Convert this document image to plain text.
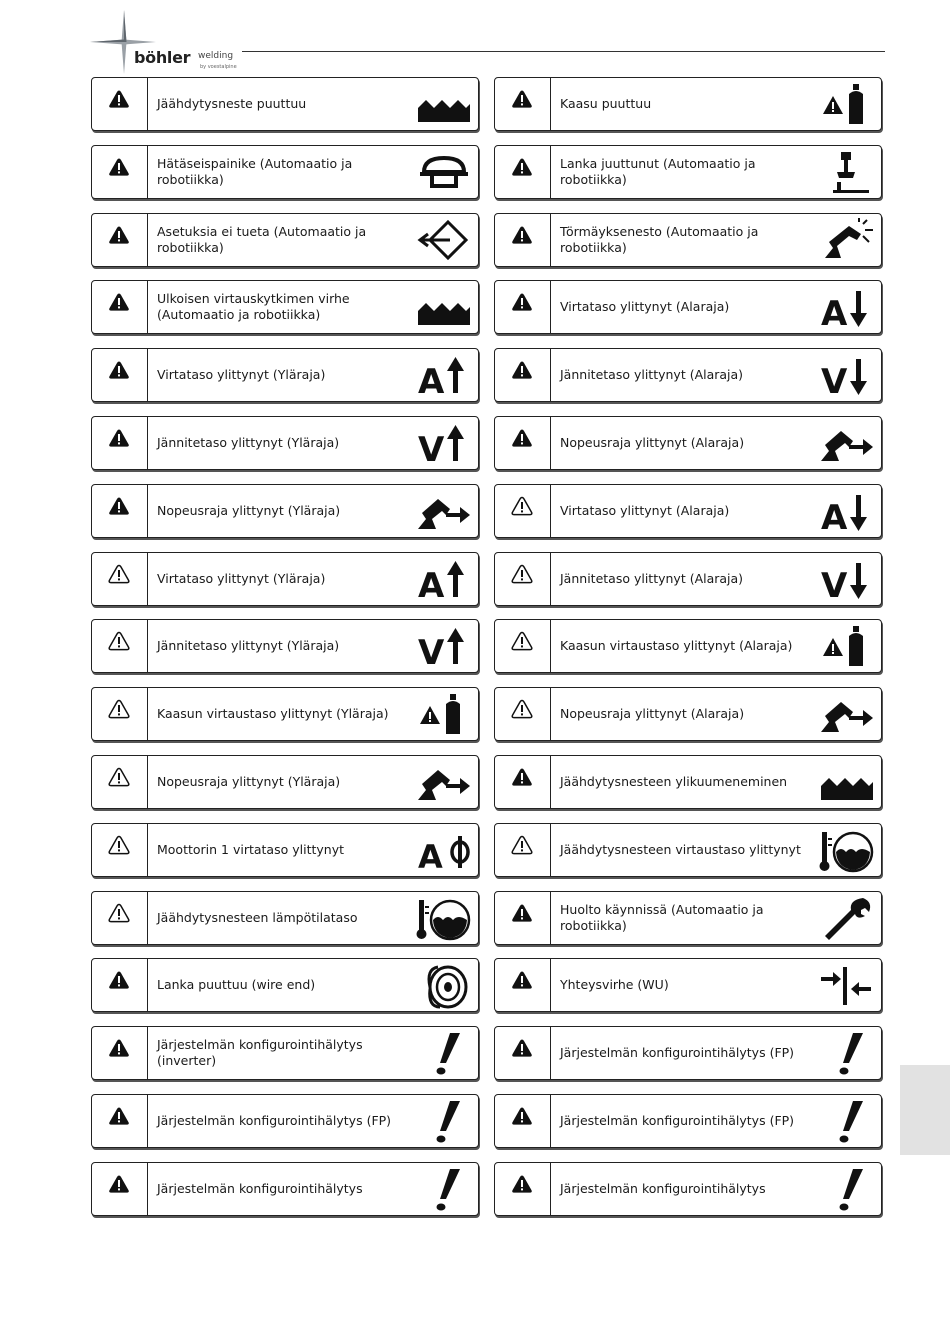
böhler welding
by voestalpine
Jäähdytysneste puuttuu	Kaasu puuttuu
Hätäseispainike (Automaatio ja robotiikka)
Lanka juuttunut (Automaatio ja robotiikka)
Asetuksia ei tueta (Automaatio ja robotiikka)
Törmäyksenesto (Automaatio ja robotiikka)
Ulkoisen virtauskytkimen virhe (Automaatio ja robotiikka)
Virtataso ylittynyt (Alaraja)	A
Virtataso ylittynyt (Yläraja)	A	Jännitetaso ylittynyt (Alaraja)	V
Jännitetaso ylittynyt (Yläraja)	V	Nopeusraja ylittynyt (Alaraja)
Nopeusraja ylittynyt (Yläraja)	Virtataso ylittynyt (Alaraja)	A
Virtataso ylittynyt (Yläraja)	A	Jännitetaso ylittynyt (Alaraja)	V
Jännitetaso ylittynyt (Yläraja)	V	Kaasun virtaustaso ylittynyt (Alaraja)
Kaasun virtaustaso ylittynyt (Yläraja)	Nopeusraja ylittynyt (Alaraja)
Nopeusraja ylittynyt (Yläraja)	Jäähdytysnesteen ylikuumeneminen
Moottorin 1 virtataso ylittynyt	A	Jäähdytysnesteen virtaustaso ylittynyt
Jäähdytysnesteen lämpötilataso
Huolto käynnissä (Automaatio ja robotiikka)
Lanka puuttuu (wire end)	Yhteysvirhe (WU)
Järjestelmän konfigurointihälytys (inverter)
Järjestelmän konfigurointihälytys (FP)
Järjestelmän konfigurointihälytys (FP)	Järjestelmän konfigurointihälytys (FP)
Järjestelmän konfigurointihälytys	Järjestelmän konfigurointihälytys
